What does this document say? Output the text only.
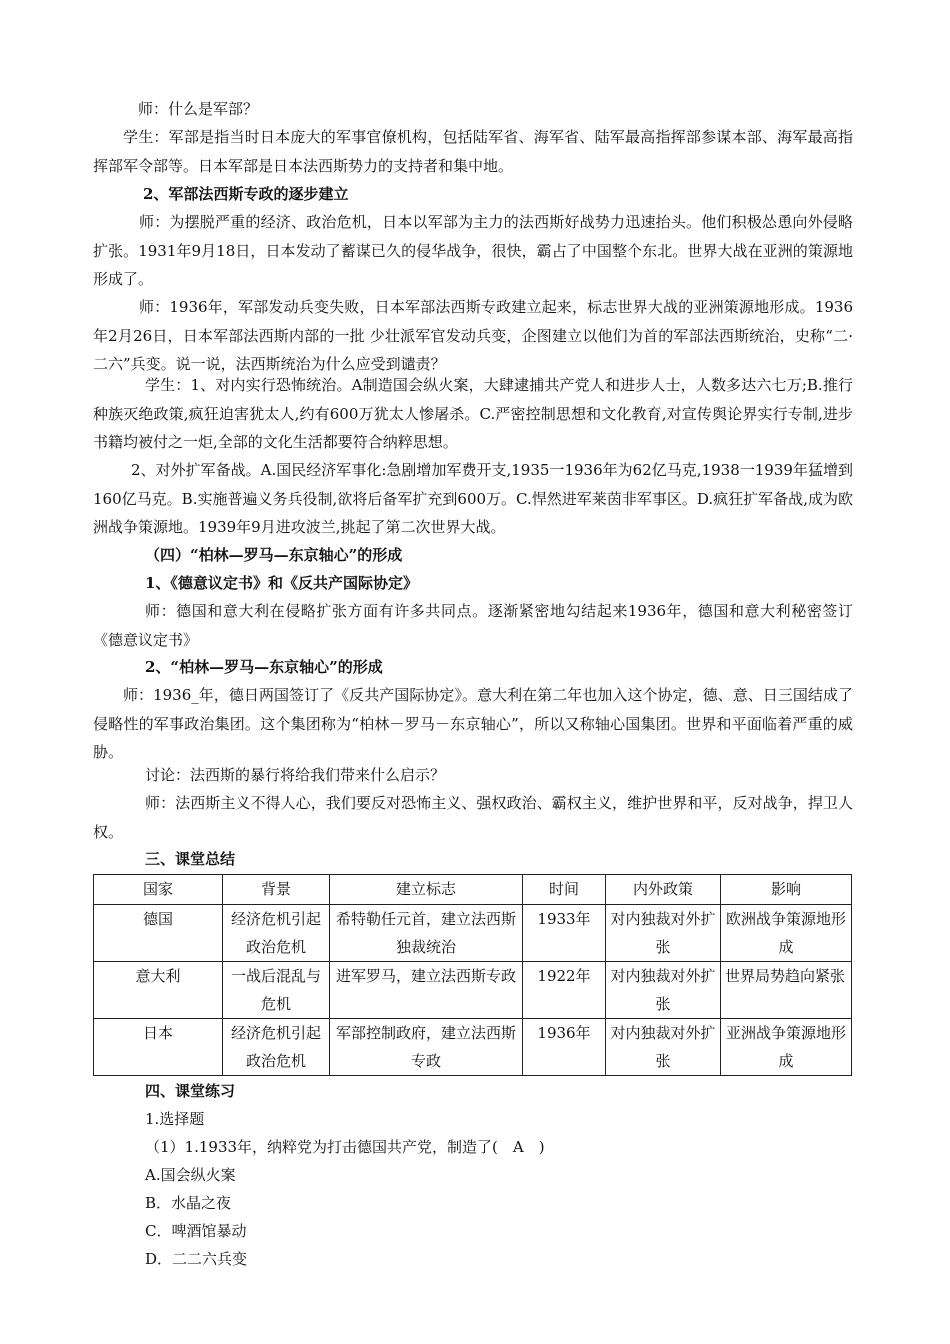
师：什么是军部？

学生：军部是指当时日本庞大的军事官僚机构，包括陆军省、海军省、陆军最高指挥部参谋本部、海军最高指挥部军令部等。日本军部是日本法西斯势力的支持者和集中地。

2、军部法西斯专政的逐步建立

师：为摆脱严重的经济、政治危机，日本以军部为主力的法西斯好战势力迅速抬头。他们积极怂恿向外侵略扩张。1931年9月18日，日本发动了蓄谋已久的侵华战争，很快，霸占了中国整个东北。世界大战在亚洲的策源地形成了。

师：1936年，军部发动兵变失败，日本军部法西斯专政建立起来，标志世界大战的亚洲策源地形成。1936年2月26日，日本军部法西斯内部的一批 少壮派军官发动兵变，企图建立以他们为首的军部法西斯统治，史称“二·二六”兵变。说一说，法西斯统治为什么应受到谴责？

学生：1、对内实行恐怖统治。A制造国会纵火案，大肆逮捕共产党人和进步人士，人数多达六七万;B.推行种族灭绝政策,疯狂迫害犹太人,约有600万犹太人惨屠杀。C.严密控制思想和文化教育,对宣传舆论界实行专制,进步书籍均被付之一炬,全部的文化生活都要符合纳粹思想。

2、对外扩军备战。A.国民经济军事化:急剧增加军费开支,1935一1936年为62亿马克,1938一1939年猛增到160亿马克。B.实施普遍义务兵役制,欲将后备军扩充到600万。C.悍然进军莱茵非军事区。D.疯狂扩军备战,成为欧洲战争策源地。1939年9月进攻波兰,挑起了第二次世界大战。

（四）“柏林—罗马—东京轴心”的形成

1、《德意议定书》和《反共产国际协定》

师：德国和意大利在侵略扩张方面有许多共同点。逐渐紧密地勾结起来1936年，德国和意大利秘密签订《德意议定书》

2、“柏林—罗马—东京轴心”的形成

师：1936_年，德日两国签订了《反共产国际协定》。意大利在第二年也加入这个协定，德、意、日三国结成了侵略性的军事政治集团。这个集团称为“柏林－罗马－东京轴心”，所以又称轴心国集团。世界和平面临着严重的威胁。

讨论：法西斯的暴行将给我们带来什么启示？

师：法西斯主义不得人心，我们要反对恐怖主义、强权政治、霸权主义，维护世界和平，反对战争，捍卫人权。

三、课堂总结

国家	背景	建立标志	时间	内外政策	影响
德国	经济危机引起政治危机	希特勒任元首，建立法西斯独裁统治	1933年	对内独裁对外扩张	欧洲战争策源地形成
意大利	一战后混乱与危机	进军罗马，建立法西斯专政	1922年	对内独裁对外扩张	世界局势趋向紧张
日本	经济危机引起政治危机	军部控制政府，建立法西斯专政	1936年	对内独裁对外扩张	亚洲战争策源地形成

四、课堂练习

1.选择题

（1）1.1933年，纳粹党为打击德国共产党，制造了(　A　)

A.国会纵火案

B．水晶之夜

C．啤酒馆暴动

D．二二六兵变
